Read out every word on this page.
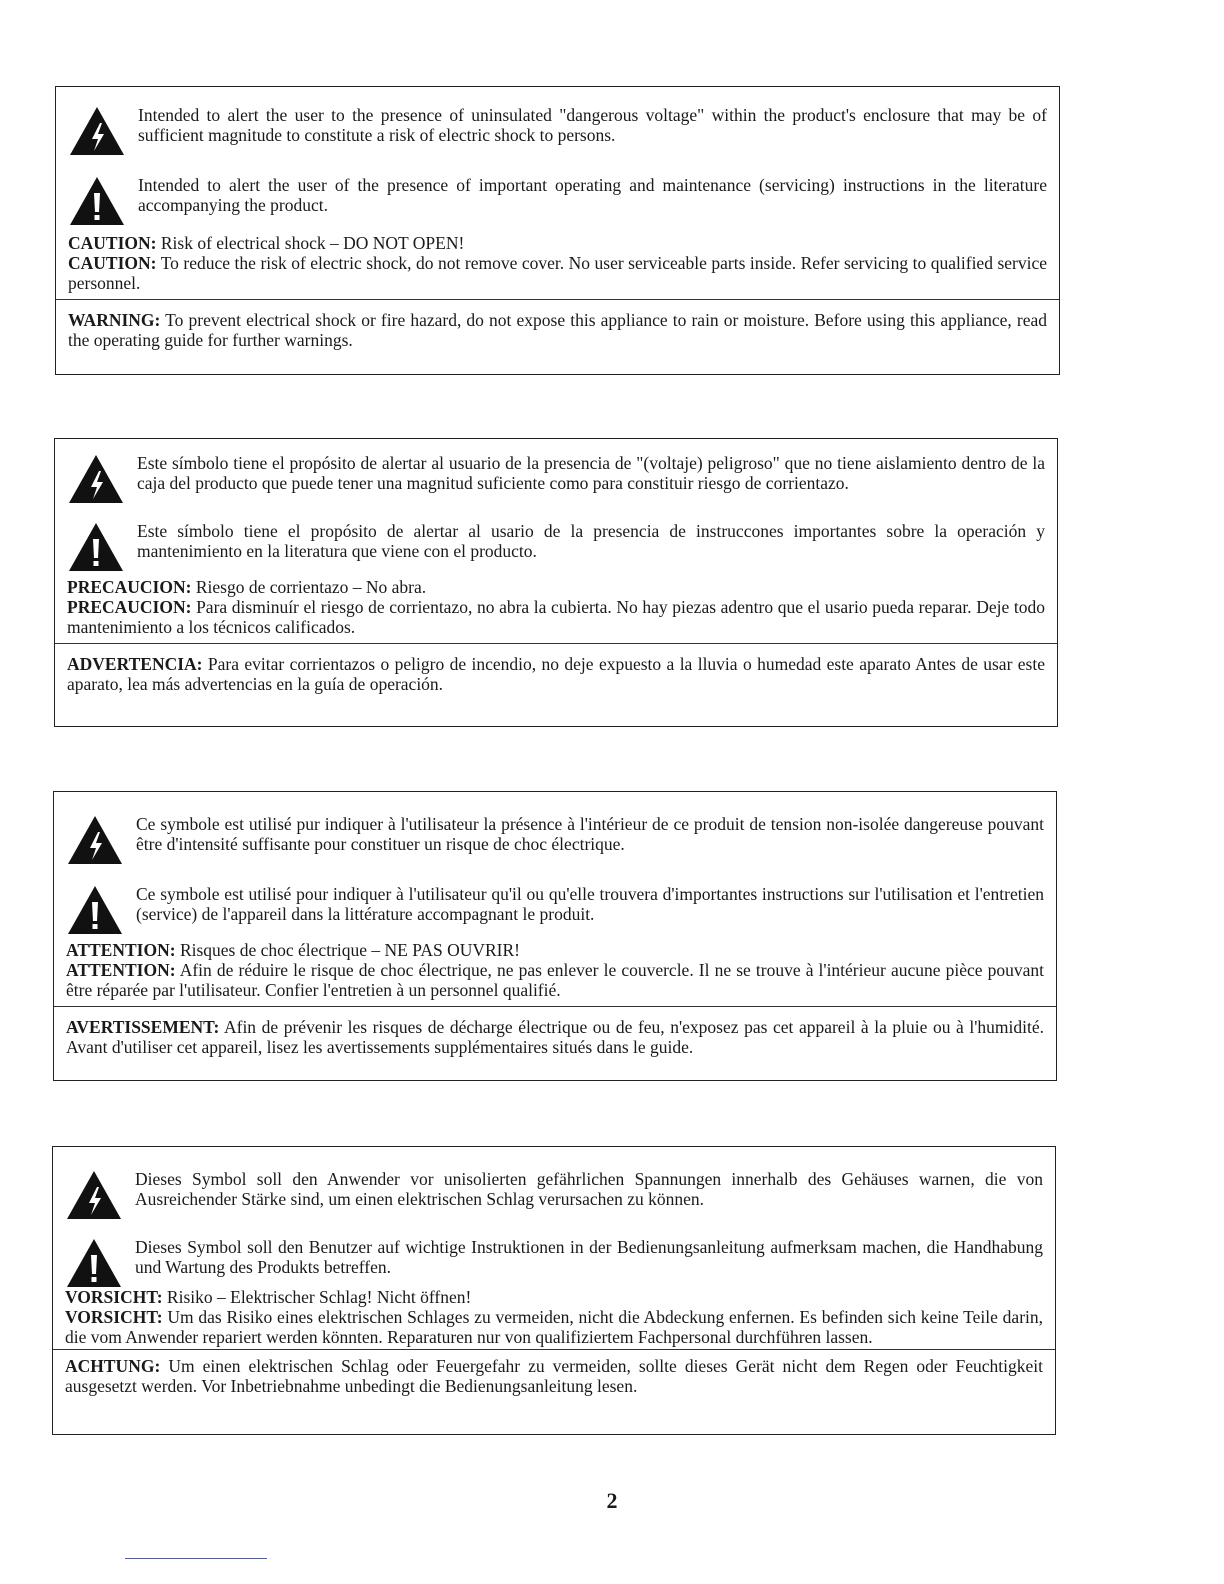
Intended to alert the user to the presence of uninsulated "dangerous voltage" within the product's enclosure that may be of sufficient magnitude to constitute a risk of electric shock to persons.

Intended to alert the user of the presence of important operating and maintenance (servicing) instructions in the literature accompanying the product.

CAUTION: Risk of electrical shock – DO NOT OPEN!

CAUTION: To reduce the risk of electric shock, do not remove cover. No user serviceable parts inside. Refer servicing to qualified service personnel.

WARNING: To prevent electrical shock or fire hazard, do not expose this appliance to rain or moisture. Before using this appliance, read the operating guide for further warnings.

Este símbolo tiene el propósito de alertar al usuario de la presencia de "(voltaje) peligroso" que no tiene aislamiento dentro de la caja del producto que puede tener una magnitud suficiente como para constituir riesgo de corrientazo.

Este símbolo tiene el propósito de alertar al usario de la presencia de instruccones importantes sobre la operación y mantenimiento en la literatura que viene con el producto.

PRECAUCION: Riesgo de corrientazo – No abra.

PRECAUCION: Para disminuír el riesgo de corrientazo, no abra la cubierta. No hay piezas adentro que el usario pueda reparar. Deje todo mantenimiento a los técnicos calificados.

ADVERTENCIA: Para evitar corrientazos o peligro de incendio, no deje expuesto a la lluvia o humedad este aparato Antes de usar este aparato, lea más advertencias en la guía de operación.

Ce symbole est utilisé pur indiquer à l'utilisateur la présence à l'intérieur de ce produit de tension non-isolée dangereuse pouvant être d'intensité suffisante pour constituer un risque de choc électrique.

Ce symbole est utilisé pour indiquer à l'utilisateur qu'il ou qu'elle trouvera d'importantes instructions sur l'utilisation et l'entretien (service) de l'appareil dans la littérature accompagnant le produit.

ATTENTION: Risques de choc électrique – NE PAS OUVRIR!

ATTENTION: Afin de réduire le risque de choc électrique, ne pas enlever le couvercle. Il ne se trouve à l'intérieur aucune pièce pouvant être réparée par l'utilisateur. Confier l'entretien à un personnel qualifié.

AVERTISSEMENT: Afin de prévenir les risques de décharge électrique ou de feu, n'exposez pas cet appareil à la pluie ou à l'humidité. Avant d'utiliser cet appareil, lisez les avertissements supplémentaires situés dans le guide.

Dieses Symbol soll den Anwender vor unisolierten gefährlichen Spannungen innerhalb des Gehäuses warnen, die von Ausreichender Stärke sind, um einen elektrischen Schlag verursachen zu können.

Dieses Symbol soll den Benutzer auf wichtige Instruktionen in der Bedienungsanleitung aufmerksam machen, die Handhabung und Wartung des Produkts betreffen.

VORSICHT: Risiko – Elektrischer Schlag! Nicht öffnen!

VORSICHT: Um das Risiko eines elektrischen Schlages zu vermeiden, nicht die Abdeckung enfernen. Es befinden sich keine Teile darin, die vom Anwender repariert werden könnten. Reparaturen nur von qualifiziertem Fachpersonal durchführen lassen.

ACHTUNG: Um einen elektrischen Schlag oder Feuergefahr zu vermeiden, sollte dieses Gerät nicht dem Regen oder Feuchtigkeit ausgesetzt werden. Vor Inbetriebnahme unbedingt die Bedienungsanleitung lesen.

2
